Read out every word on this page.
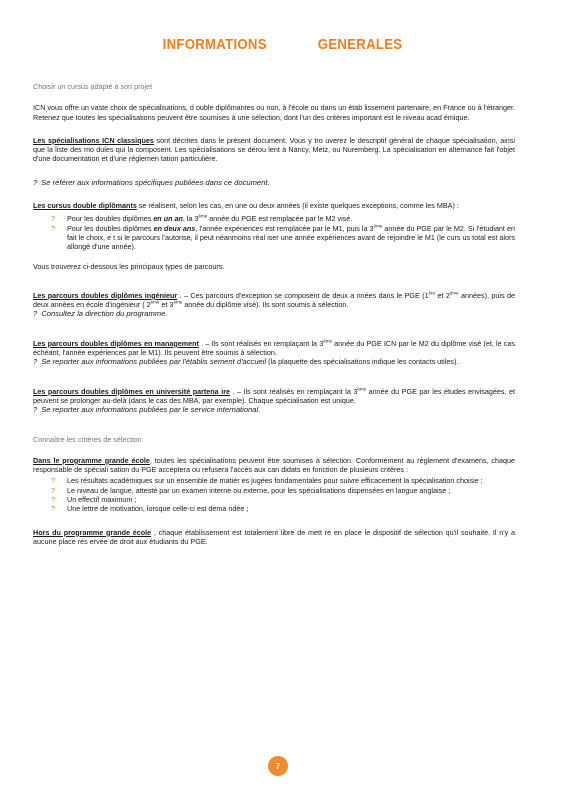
INFORMATIONS	GENERALES
Choisir un cursus adapté à son projet

ICN vous offre un vaste choix de spécialisations, d ouble diplômantes ou non, à l'école ou dans un étab lissement partenaire, en France ou à l'étranger. Retenez que toutes les spécialisations peuvent être soumises à une sélection, dont l'un des critères important est le niveau acad émique.

Les spécialisations ICN classiques sont décrites dans le présent document. Vous y tro uverez le descriptif général de chaque spécialisation, ainsi que la liste des mo dules qui la composent. Les spécialisations se dérou lent à Nancy, Metz, ou Nuremberg. La spécialisation en alternance fait l'objet d'une documentation et d'une réglemen tation particulière.

? Se référer aux informations spécifiques publiées dans ce document.

Les cursus double diplômants se réalisent, selon les cas, en une ou deux années (il existe quelques exceptions, comme les MBA) :

? Pour les doubles diplômes en un an, la 3ème année du PGE est remplacée par le M2 visé.
? Pour les doubles diplômes en deux ans, l'année expériences est remplacée par le M1, puis la 3ème année du PGE par le M2. Si l'étudiant en fait le choix, e t si le parcours l'autorise, il peut néanmoins réal iser une année expériences avant de rejoindre le M1 (le curs us total est alors allongé d'une année).

Vous trouverez ci-dessous les principaux types de parcours.

Les parcours doubles diplômes ingénieur . – Ces parcours d'exception se composent de deux a nnées dans le PGE (1ère et 2ème années), puis de deux années en école d'ingénieur ( 2ème et 3ème année du diplôme visé). Ils sont soumis à sélection.

? Consultez la direction du programme.

Les parcours doubles diplômes en management . – Ils sont réalisés en remplaçant la 3ème année du PGE ICN par le M2 du diplôme visé (et, le cas échéant, l'année expériences par le M1). Ils peuvent être soumis à sélection.

? Se reporter aux informations publiées par l'établis sement d'accueil (la plaquette des spécialisations indique les contacts utiles).

Les parcours doubles diplômes en université partena ire . – Ils sont réalisés en remplaçant la 3ème année du PGE par les études envisagées, et peuvent se prolonger au-delà (dans le cas des MBA, par exemple). Chaque spécialisation est unique.

? Se reporter aux informations publiées par le service international.

Connaître les critères de sélection

Dans le programme grande école, toutes les spécialisations peuvent être soumises à sélection. Conformément au règlement d'examens, chaque responsable de spéciali sation du PGE acceptera ou refusera l'accès aux can didats en fonction de plusieurs critères :

? Les résultats académiques sur un ensemble de matièr es jugées fondamentales pour suivre efficacement la spécialisation choisie ;
? Le niveau de langue, attesté par un examen interne ou externe, pour les spécialisations dispensées en langue anglaise ;
? Un effectif maximum ;
? Une lettre de motivation, lorsque celle-ci est dema ndée ;

Hors du programme grande école , chaque établissement est totalement libre de mett re en place le dispositif de sélection qu'il souhaite. Il n'y a aucune place rés ervée de droit aux étudiants du PGE.

7
